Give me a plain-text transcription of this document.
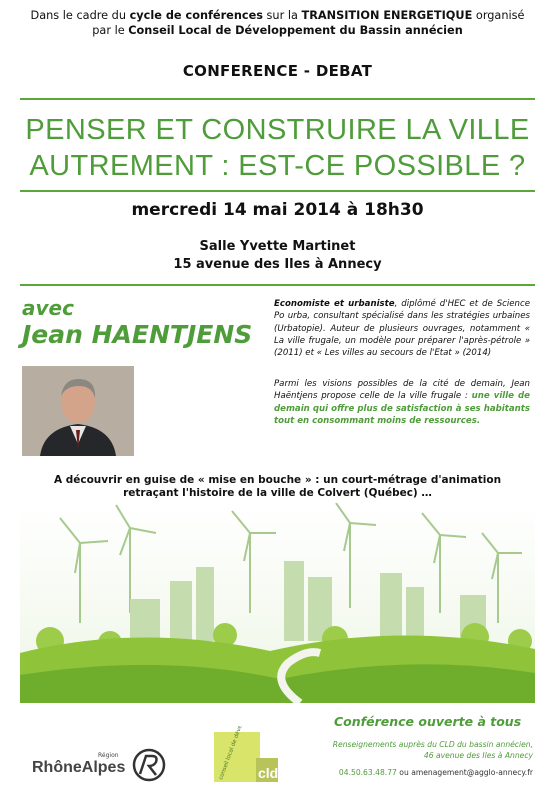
Dans le cadre du cycle de conférences sur la TRANSITION ENERGETIQUE organisé
par le Conseil Local de Développement du Bassin annécien
CONFERENCE - DEBAT
PENSER ET CONSTRUIRE LA VILLE
AUTREMENT : EST-CE POSSIBLE ?
mercredi 14 mai 2014 à 18h30
Salle Yvette Martinet
15 avenue des Iles à Annecy
avec
Jean HAENTJENS
Economiste et urbaniste, diplômé d'HEC et de Science Po urba, consultant spécialisé dans les stratégies urbaines (Urbatopie). Auteur de plusieurs ouvrages, notamment « La ville frugale, un modèle pour préparer l'après-pétrole » (2011) et « Les villes au secours de l'Etat » (2014)
Parmi les visions possibles de la cité de demain, Jean Haëntjens propose celle de la ville frugale : une ville de demain qui offre plus de satisfaction à ses habitants tout en consommant moins de ressources.
A découvrir en guise de « mise en bouche » : un court-métrage d'animation
retraçant l'histoire de la ville de Colvert (Québec) …
Conférence ouverte à tous
Renseignements auprès du CLD du bassin annécien,
46 avenue des Iles à Annecy
04.50.63.48.77 ou amenagement@agglo-annecy.fr
Région
RhôneAlpes	cld
